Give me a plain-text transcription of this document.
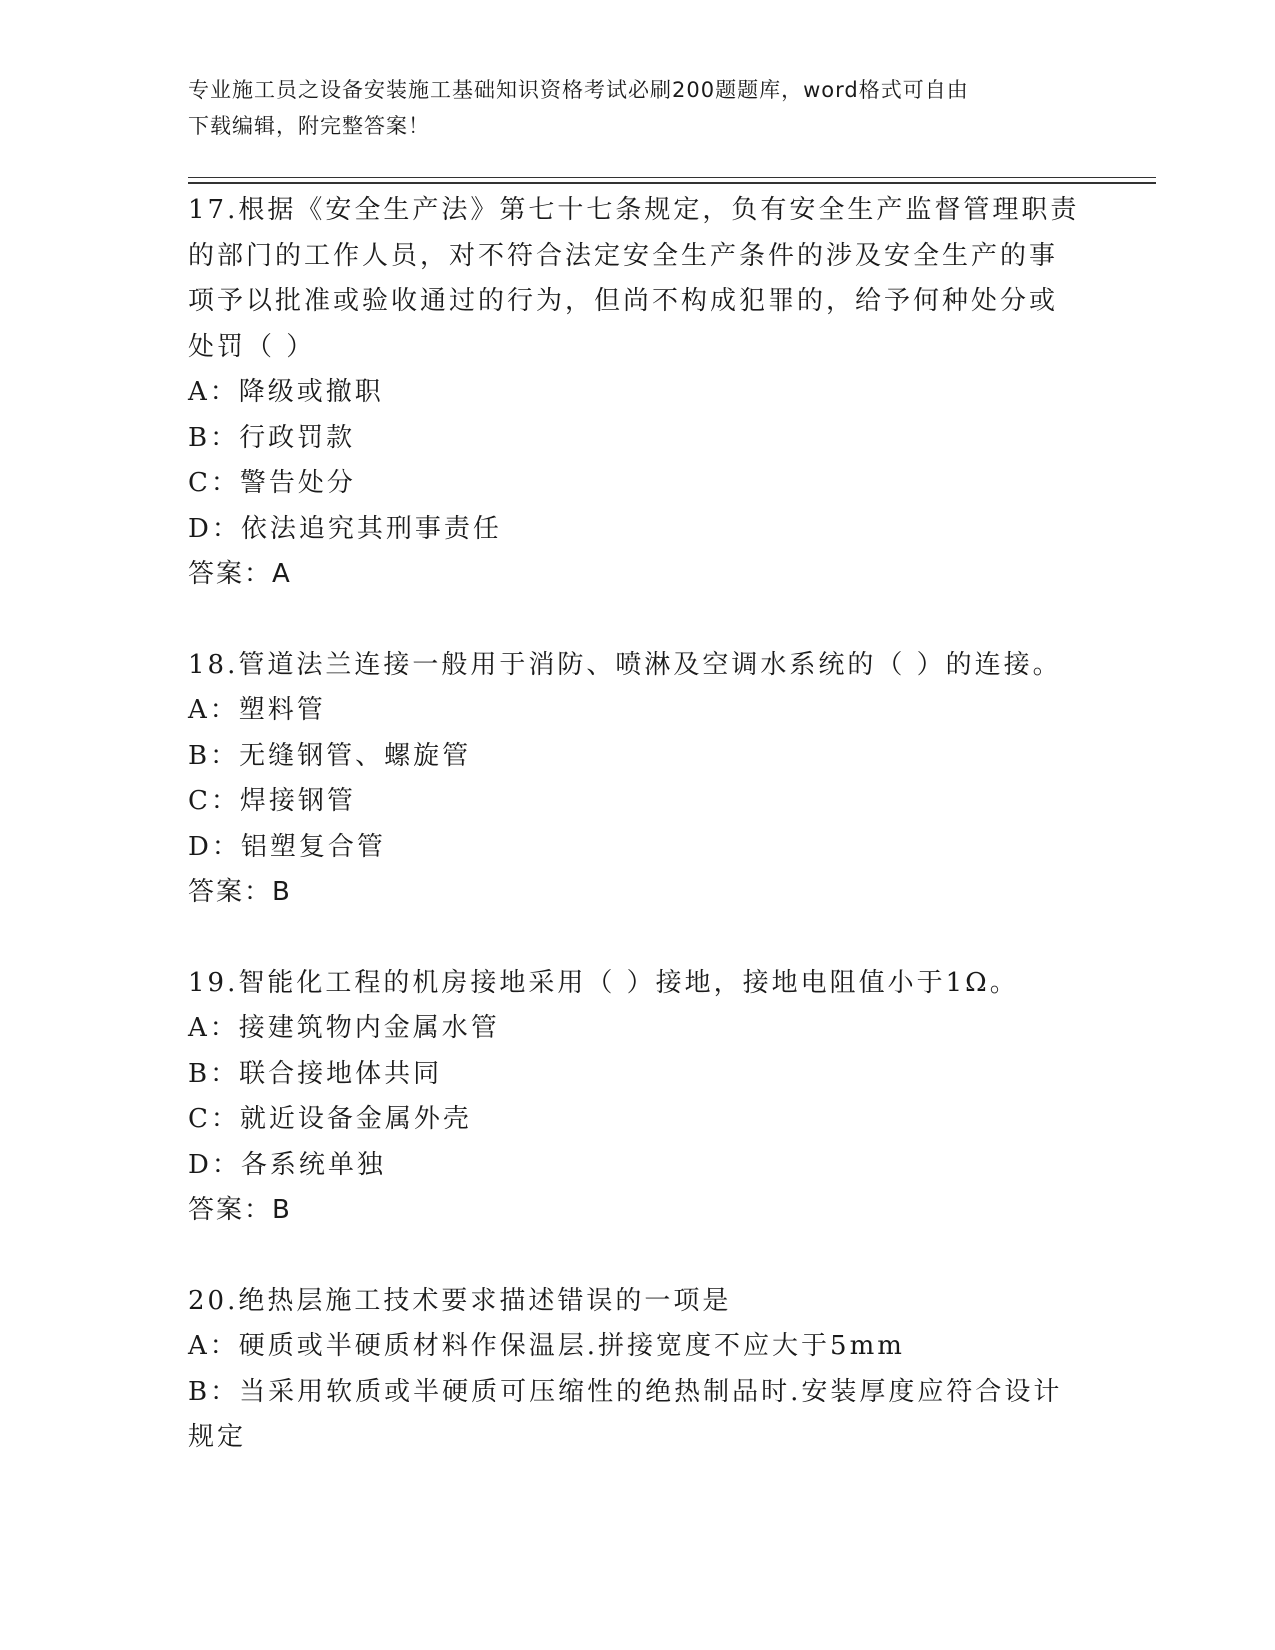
专业施工员之设备安装施工基础知识资格考试必刷200题题库，word格式可自由
下载编辑，附完整答案！
17.根据《安全生产法》第七十七条规定，负有安全生产监督管理职责
的部门的工作人员，对不符合法定安全生产条件的涉及安全生产的事
项予以批准或验收通过的行为，但尚不构成犯罪的，给予何种处分或
处罚（ ）
A：降级或撤职
B：行政罚款
C：警告处分
D：依法追究其刑事责任
答案：A
18.管道法兰连接一般用于消防、喷淋及空调水系统的（ ）的连接。
A：塑料管
B：无缝钢管、螺旋管
C：焊接钢管
D：铝塑复合管
答案：B
19.智能化工程的机房接地采用（ ）接地，接地电阻值小于1Ω。
A：接建筑物内金属水管
B：联合接地体共同
C：就近设备金属外壳
D：各系统单独
答案：B
20.绝热层施工技术要求描述错误的一项是
A：硬质或半硬质材料作保温层.拼接宽度不应大于5mm
B：当采用软质或半硬质可压缩性的绝热制品时.安装厚度应符合设计
规定
